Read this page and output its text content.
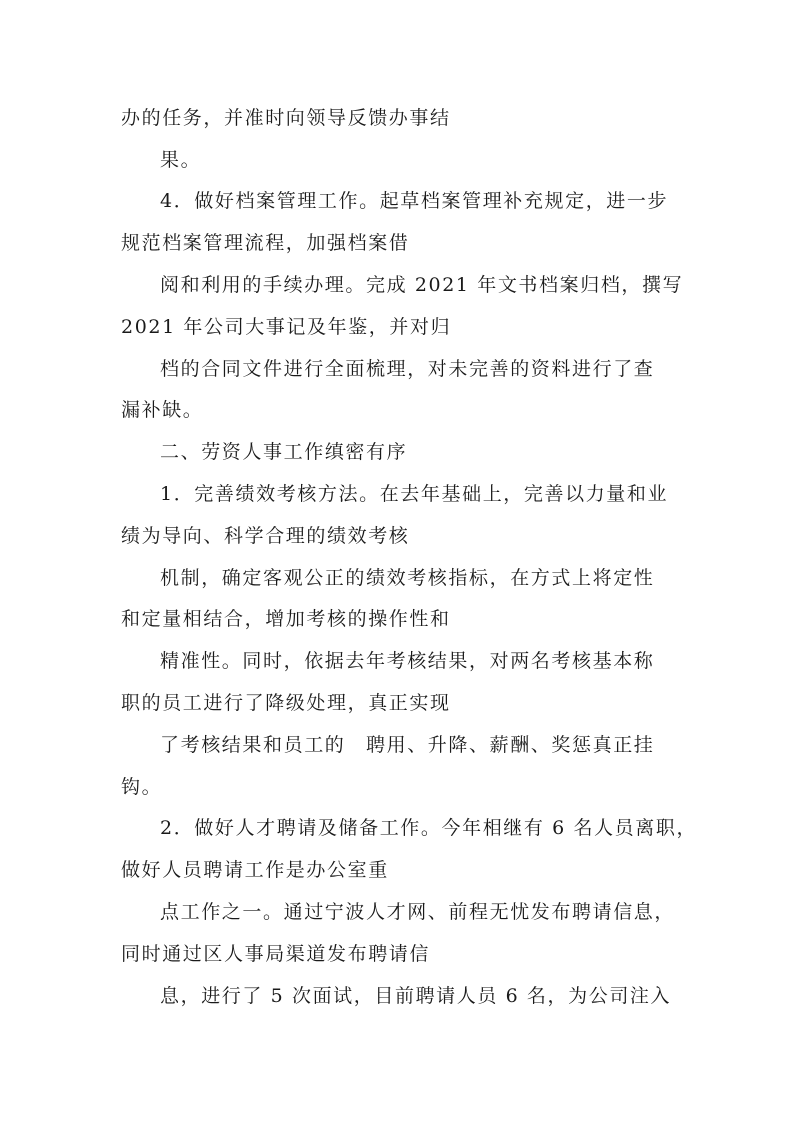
办的任务，并准时向领导反馈办事结
果。
4．做好档案管理工作。起草档案管理补充规定，进一步
规范档案管理流程，加强档案借
阅和利用的手续办理。完成 2021 年文书档案归档，撰写
2021 年公司大事记及年鉴，并对归
档的合同文件进行全面梳理，对未完善的资料进行了查
漏补缺。
二、劳资人事工作缜密有序
1．完善绩效考核方法。在去年基础上，完善以力量和业
绩为导向、科学合理的绩效考核
机制，确定客观公正的绩效考核指标，在方式上将定性
和定量相结合，增加考核的操作性和
精准性。同时，依据去年考核结果，对两名考核基本称
职的员工进行了降级处理，真正实现
了考核结果和员工的　聘用、升降、薪酬、奖惩真正挂
钩。
2．做好人才聘请及储备工作。今年相继有 6 名人员离职，
做好人员聘请工作是办公室重
点工作之一。通过宁波人才网、前程无忧发布聘请信息，
同时通过区人事局渠道发布聘请信
息，进行了 5 次面试，目前聘请人员 6 名，为公司注入
